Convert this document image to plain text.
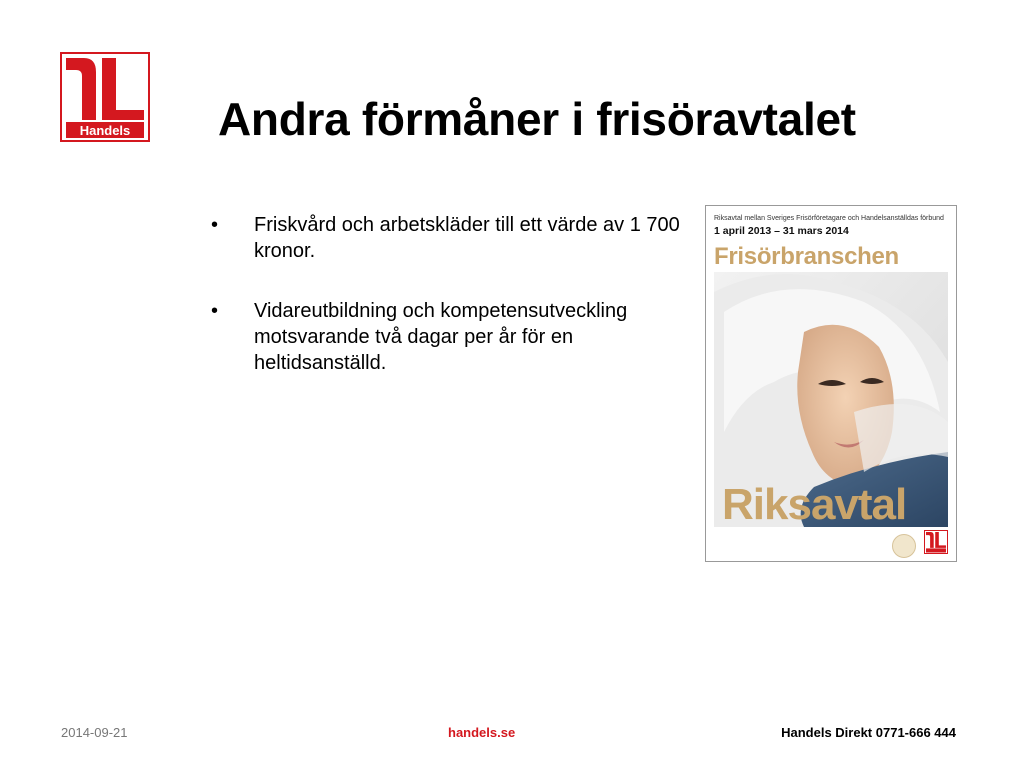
Handels Andra förmåner i frisöravtalet
• Friskvård och arbetskläder till ett värde av 1 700 kronor.
• Vidareutbildning och kompetensutveckling motsvarande två dagar per år för en heltidsanställd.
Riksavtal mellan Sveriges Frisörföretagare och Handelsanställdas förbund
1 april 2013 – 31 mars 2014
Frisörbranschen
Riksavtal
2014-09-21	handels.se	Handels Direkt 0771-666 444
